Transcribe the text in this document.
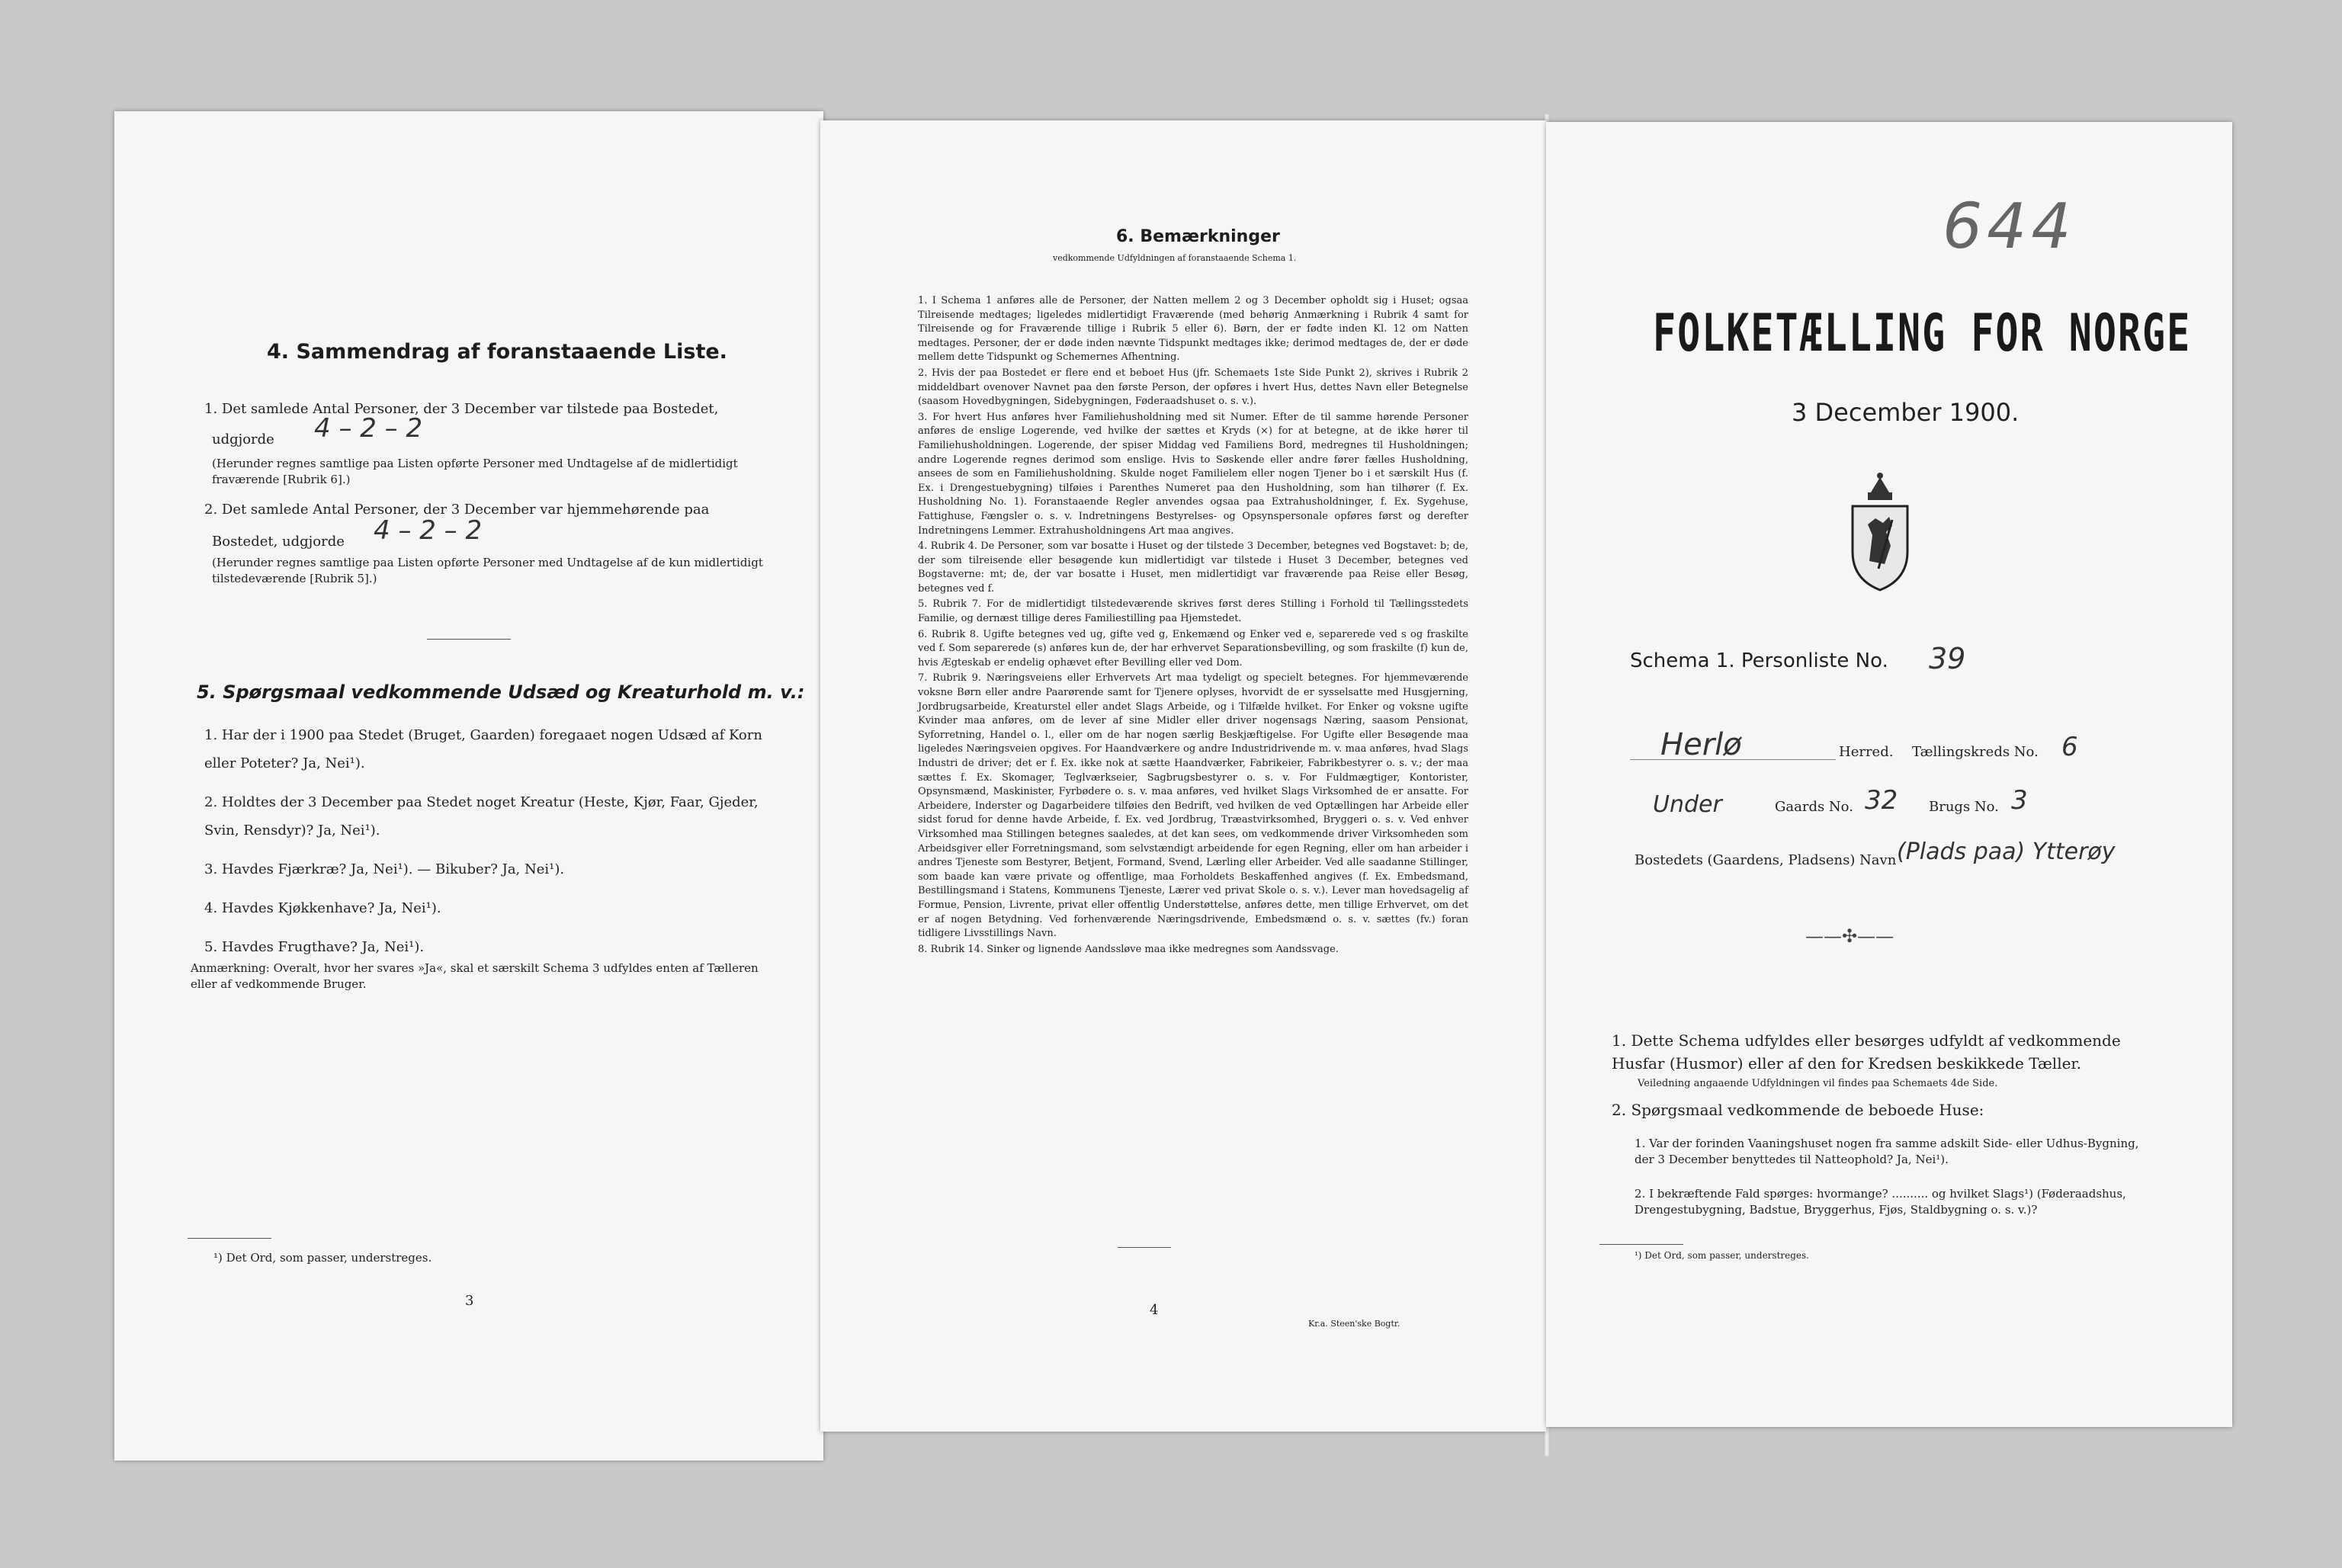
4. Sammendrag af foranstaaende Liste.
1. Det samlede Antal Personer, der 3 December var tilstede paa Bostedet,
udgjorde 4 – 2 – 2
(Herunder regnes samtlige paa Listen opførte Personer med Undtagelse af de midlertidigt fraværende [Rubrik 6].)
2. Det samlede Antal Personer, der 3 December var hjemmehørende paa
Bostedet, udgjorde 4 – 2 – 2
(Herunder regnes samtlige paa Listen opførte Personer med Undtagelse af de kun midlertidigt tilstedeværende [Rubrik 5].)
5. Spørgsmaal vedkommende Udsæd og Kreaturhold m. v.:
1. Har der i 1900 paa Stedet (Bruget, Gaarden) foregaaet nogen Udsæd af Korn eller Poteter? Ja, Nei¹).
2. Holdtes der 3 December paa Stedet noget Kreatur (Heste, Kjør, Faar, Gjeder, Svin, Rensdyr)? Ja, Nei¹).
3. Havdes Fjærkræ? Ja, Nei¹). — Bikuber? Ja, Nei¹).
4. Havdes Kjøkkenhave? Ja, Nei¹).
5. Havdes Frugthave? Ja, Nei¹).
Anmærkning: Overalt, hvor her svares »Ja«, skal et særskilt Schema 3 udfyldes enten af Tælleren eller af vedkommende Bruger.
¹) Det Ord, som passer, understreges.
3
6. Bemærkninger
vedkommende Udfyldningen af foranstaaende Schema 1.
1. I Schema 1 anføres alle de Personer, der Natten mellem 2 og 3 December opholdt sig i Huset; ogsaa Tilreisende medtages; ligeledes midlertidigt Fraværende (med behørig Anmærkning i Rubrik 4 samt for Tilreisende og for Fraværende tillige i Rubrik 5 eller 6). Børn, der er fødte inden Kl. 12 om Natten medtages. Personer, der er døde inden nævnte Tidspunkt medtages ikke; derimod medtages de, der er døde mellem dette Tidspunkt og Schemernes Afhentning.
2. Hvis der paa Bostedet er flere end et beboet Hus (jfr. Schemaets 1ste Side Punkt 2), skrives i Rubrik 2 middeldbart ovenover Navnet paa den første Person, der opføres i hvert Hus, dettes Navn eller Betegnelse (saasom Hovedbygningen, Sidebygningen, Føderaadshuset o. s. v.).
3. For hvert Hus anføres hver Familiehusholdning med sit Numer. Efter de til samme hørende Personer anføres de enslige Logerende, ved hvilke der sættes et Kryds (×) for at betegne, at de ikke hører til Familiehusholdningen. Logerende, der spiser Middag ved Familiens Bord, medregnes til Husholdningen; andre Logerende regnes derimod som enslige. Hvis to Søskende eller andre fører fælles Husholdning, ansees de som en Familiehusholdning. Skulde noget Familielem eller nogen Tjener bo i et særskilt Hus (f. Ex. i Drengestuebygning) tilføies i Parenthes Numeret paa den Husholdning, som han tilhører (f. Ex. Husholdning No. 1). Foranstaaende Regler anvendes ogsaa paa Extrahusholdninger, f. Ex. Sygehuse, Fattighuse, Fængsler o. s. v. Indretningens Bestyrelses- og Opsynspersonale opføres først og derefter Indretningens Lemmer. Extrahusholdningens Art maa angives.
4. Rubrik 4. De Personer, som var bosatte i Huset og der tilstede 3 December, betegnes ved Bogstavet: b; de, der som tilreisende eller besøgende kun midlertidigt var tilstede i Huset 3 December, betegnes ved Bogstaverne: mt; de, der var bosatte i Huset, men midlertidigt var fraværende paa Reise eller Besøg, betegnes ved f.
5. Rubrik 7. For de midlertidigt tilstedeværende skrives først deres Stilling i Forhold til Tællingsstedets Familie, og dernæst tillige deres Familiestilling paa Hjemstedet.
6. Rubrik 8. Ugifte betegnes ved ug, gifte ved g, Enkemænd og Enker ved e, separerede ved s og fraskilte ved f. Som separerede (s) anføres kun de, der har erhvervet Separationsbevilling, og som fraskilte (f) kun de, hvis Ægteskab er endelig ophævet efter Bevilling eller ved Dom.
7. Rubrik 9. Næringsveiens eller Erhvervets Art maa tydeligt og specielt betegnes. For hjemmeværende voksne Børn eller andre Paarørende samt for Tjenere oplyses, hvorvidt de er sysselsatte med Husgjerning, Jordbrugsarbeide, Kreaturstel eller andet Slags Arbeide, og i Tilfælde hvilket. For Enker og voksne ugifte Kvinder maa anføres, om de lever af sine Midler eller driver nogensags Næring, saasom Pensionat, Syforretning, Handel o. l., eller om de har nogen særlig Beskjæftigelse. For Ugifte eller Besøgende maa ligeledes Næringsveien opgives. For Haandværkere og andre Industridrivende m. v. maa anføres, hvad Slags Industri de driver; det er f. Ex. ikke nok at sætte Haandværker, Fabrikeier, Fabrikbestyrer o. s. v.; der maa sættes f. Ex. Skomager, Teglværkseier, Sagbrugsbestyrer o. s. v. For Fuldmægtiger, Kontorister, Opsynsmænd, Maskinister, Fyrbødere o. s. v. maa anføres, ved hvilket Slags Virksomhed de er ansatte. For Arbeidere, Inderster og Dagarbeidere tilføies den Bedrift, ved hvilken de ved Optællingen har Arbeide eller sidst forud for denne havde Arbeide, f. Ex. ved Jordbrug, Træastvirksomhed, Bryggeri o. s. v. Ved enhver Virksomhed maa Stillingen betegnes saaledes, at det kan sees, om vedkommende driver Virksomheden som Arbeidsgiver eller Forretningsmand, som selvstændigt arbeidende for egen Regning, eller om han arbeider i andres Tjeneste som Bestyrer, Betjent, Formand, Svend, Lærling eller Arbeider. Ved alle saadanne Stillinger, som baade kan være private og offentlige, maa Forholdets Beskaffenhed angives (f. Ex. Embedsmand, Bestillingsmand i Statens, Kommunens Tjeneste, Lærer ved privat Skole o. s. v.). Lever man hovedsagelig af Formue, Pension, Livrente, privat eller offentlig Understøttelse, anføres dette, men tillige Erhvervet, om det er af nogen Betydning. Ved forhenværende Næringsdrivende, Embedsmænd o. s. v. sættes (fv.) foran tidligere Livsstillings Navn.
8. Rubrik 14. Sinker og lignende Aandssløve maa ikke medregnes som Aandssvage.
4
Kr.a. Steen'ske Bogtr.
644
FOLKETÆLLING FOR NORGE
3 December 1900.
Schema 1. Personliste No. 39
Herlø	Herred. Tællingskreds No. 6
Under	Gaards No. 32 Brugs No. 3
Bostedets (Gaardens, Pladsens) Navn (Plads paa) Ytterøy
——✣——
1. Dette Schema udfyldes eller besørges udfyldt af vedkommende Husfar (Husmor) eller af den for Kredsen beskikkede Tæller.
Veiledning angaaende Udfyldningen vil findes paa Schemaets 4de Side.
2. Spørgsmaal vedkommende de beboede Huse:
1. Var der forinden Vaaningshuset nogen fra samme adskilt Side- eller Udhus-Bygning, der 3 December benyttedes til Natteophold? Ja, Nei¹).
2. I bekræftende Fald spørges: hvormange? .......... og hvilket Slags¹) (Føderaadshus, Drengestubygning, Badstue, Bryggerhus, Fjøs, Staldbygning o. s. v.)?
¹) Det Ord, som passer, understreges.
